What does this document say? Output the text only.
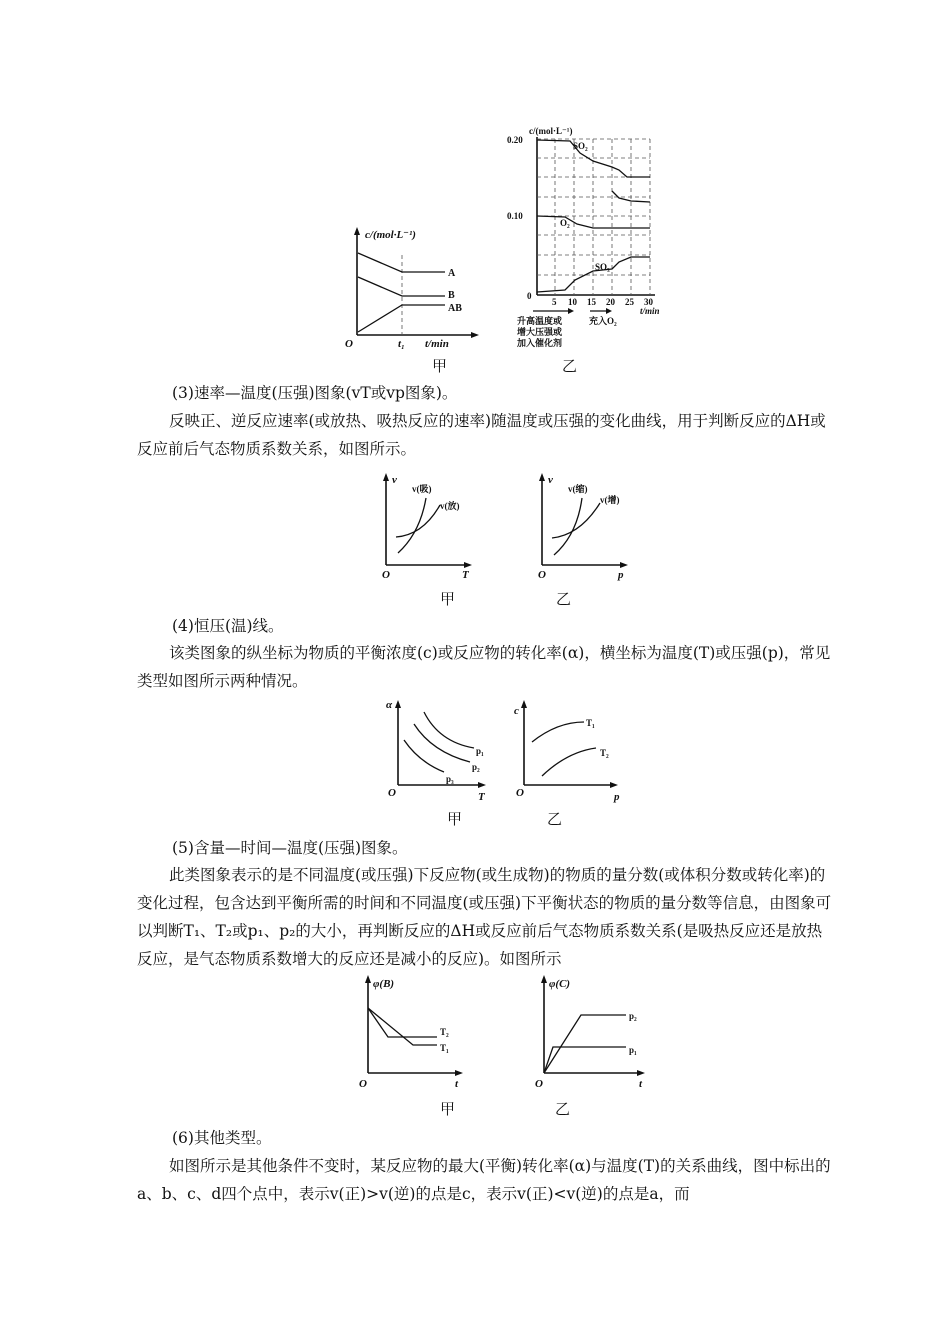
c/(mol·L⁻¹)
t/min
O	t₁
A
B
AB
甲
c/(mol·L⁻¹)
0.20
0.10
0
5 10 15 20 25 30
t/min
SO₂
O₂
SO₃
升高温度或
增大压强或
加入催化剂
充入O₂
乙

(3)速率—温度(压强)图象(vT或vp图象)。

反映正、逆反应速率(或放热、吸热反应的速率)随温度或压强的变化曲线，用于判断反应的ΔH或反应前后气态物质系数关系，如图所示。

v
T
O
v(吸)
v(放)
甲
v
p
O
v(缩)
v(增)
乙

(4)恒压(温)线。

该类图象的纵坐标为物质的平衡浓度(c)或反应物的转化率(α)，横坐标为温度(T)或压强(p)，常见类型如图所示两种情况。

α
T
O
p₁
p₂
p₃
甲
c
p
O
T₁
T₂
乙

(5)含量—时间—温度(压强)图象。

此类图象表示的是不同温度(或压强)下反应物(或生成物)的物质的量分数(或体积分数或转化率)的变化过程，包含达到平衡所需的时间和不同温度(或压强)下平衡状态的物质的量分数等信息，由图象可以判断T₁、T₂或p₁、p₂的大小，再判断反应的ΔH或反应前后气态物质系数关系(是吸热反应还是放热反应，是气态物质系数增大的反应还是减小的反应)。如图所示

φ(B)
t
O
T₂
T₁
甲
φ(C)
t
O
p₂
p₁
乙

(6)其他类型。

如图所示是其他条件不变时，某反应物的最大(平衡)转化率(α)与温度(T)的关系曲线，图中标出的a、b、c、d四个点中，表示v(正)>v(逆)的点是c，表示v(正)<v(逆)的点是a，而
